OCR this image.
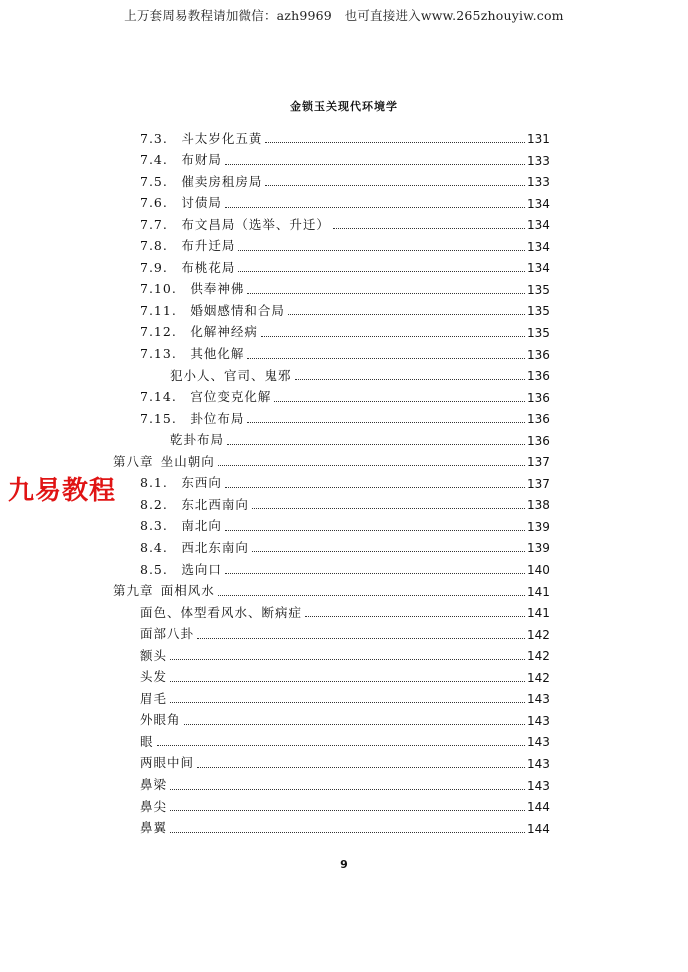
上万套周易教程请加微信：azh9969　也可直接进入www.265zhouyiw.com
金锁玉关现代环境学
九易教程
7.3.  斗太岁化五黄	131
7.4.  布财局	133
7.5.  催卖房租房局	133
7.6.  讨债局	134
7.7.  布文昌局（选举、升迁）	134
7.8.  布升迁局	134
7.9.  布桃花局	134
7.10.  供奉神佛	135
7.11.  婚姻感情和合局	135
7.12.  化解神经病	135
7.13.  其他化解	136
犯小人、官司、鬼邪	136
7.14.  宫位变克化解	136
7.15.  卦位布局	136
乾卦布局	136
第八章  坐山朝向	137
8.1.  东西向	137
8.2.  东北西南向	138
8.3.  南北向	139
8.4.  西北东南向	139
8.5.  选向口	140
第九章  面相风水	141
面色、体型看风水、断病症	141
面部八卦	142
额头	142
头发	142
眉毛	143
外眼角	143
眼	143
两眼中间	143
鼻梁	143
鼻尖	144
鼻翼	144
9
